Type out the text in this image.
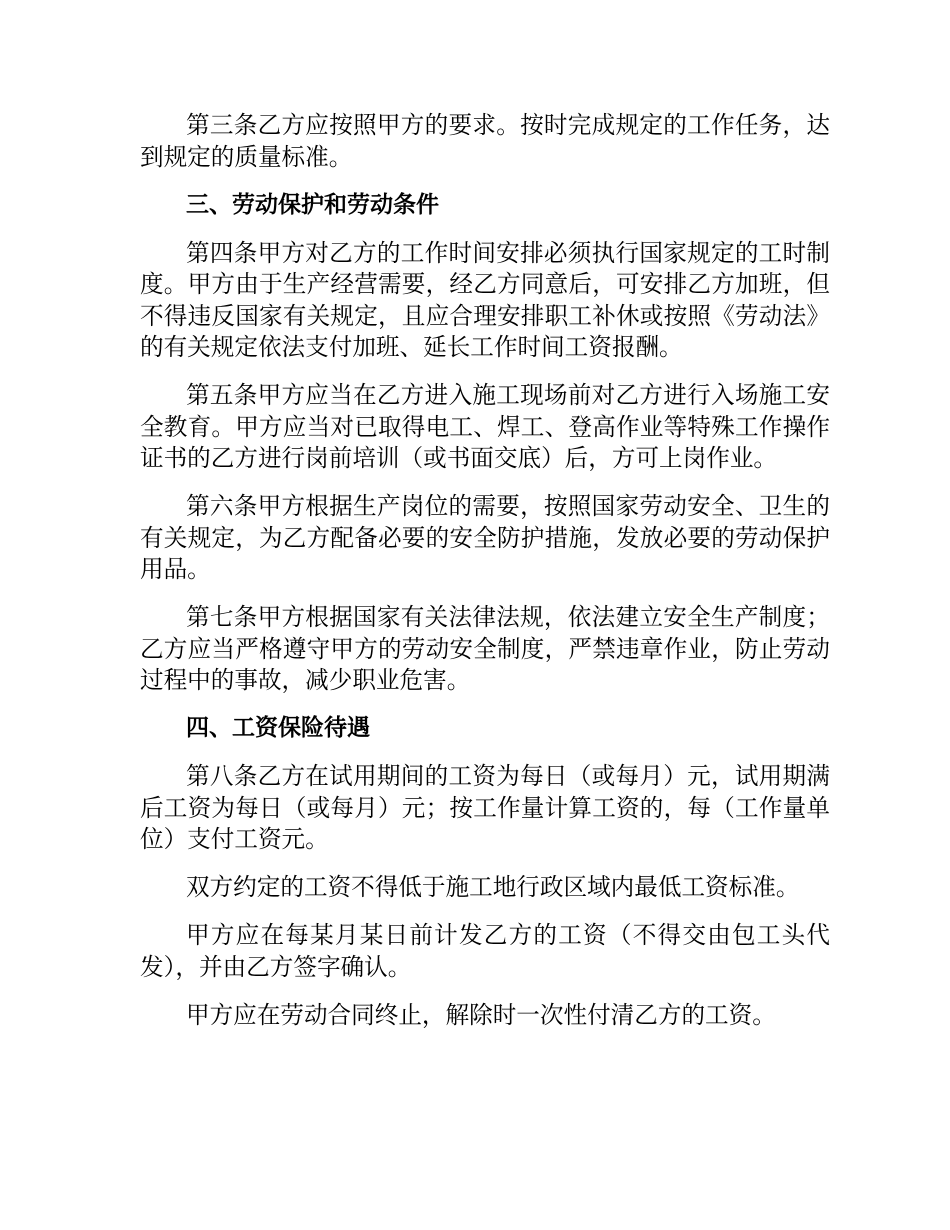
第三条乙方应按照甲方的要求。按时完成规定的工作任务，达到规定的质量标准。

三、劳动保护和劳动条件

第四条甲方对乙方的工作时间安排必须执行国家规定的工时制度。甲方由于生产经营需要，经乙方同意后，可安排乙方加班，但不得违反国家有关规定，且应合理安排职工补休或按照《劳动法》的有关规定依法支付加班、延长工作时间工资报酬。

第五条甲方应当在乙方进入施工现场前对乙方进行入场施工安全教育。甲方应当对已取得电工、焊工、登高作业等特殊工作操作证书的乙方进行岗前培训（或书面交底）后，方可上岗作业。

第六条甲方根据生产岗位的需要，按照国家劳动安全、卫生的有关规定，为乙方配备必要的安全防护措施，发放必要的劳动保护用品。

第七条甲方根据国家有关法律法规，依法建立安全生产制度；乙方应当严格遵守甲方的劳动安全制度，严禁违章作业，防止劳动过程中的事故，减少职业危害。

四、工资保险待遇

第八条乙方在试用期间的工资为每日（或每月）元，试用期满后工资为每日（或每月）元；按工作量计算工资的，每（工作量单位）支付工资元。

双方约定的工资不得低于施工地行政区域内最低工资标准。

甲方应在每某月某日前计发乙方的工资（不得交由包工头代发），并由乙方签字确认。

甲方应在劳动合同终止，解除时一次性付清乙方的工资。
